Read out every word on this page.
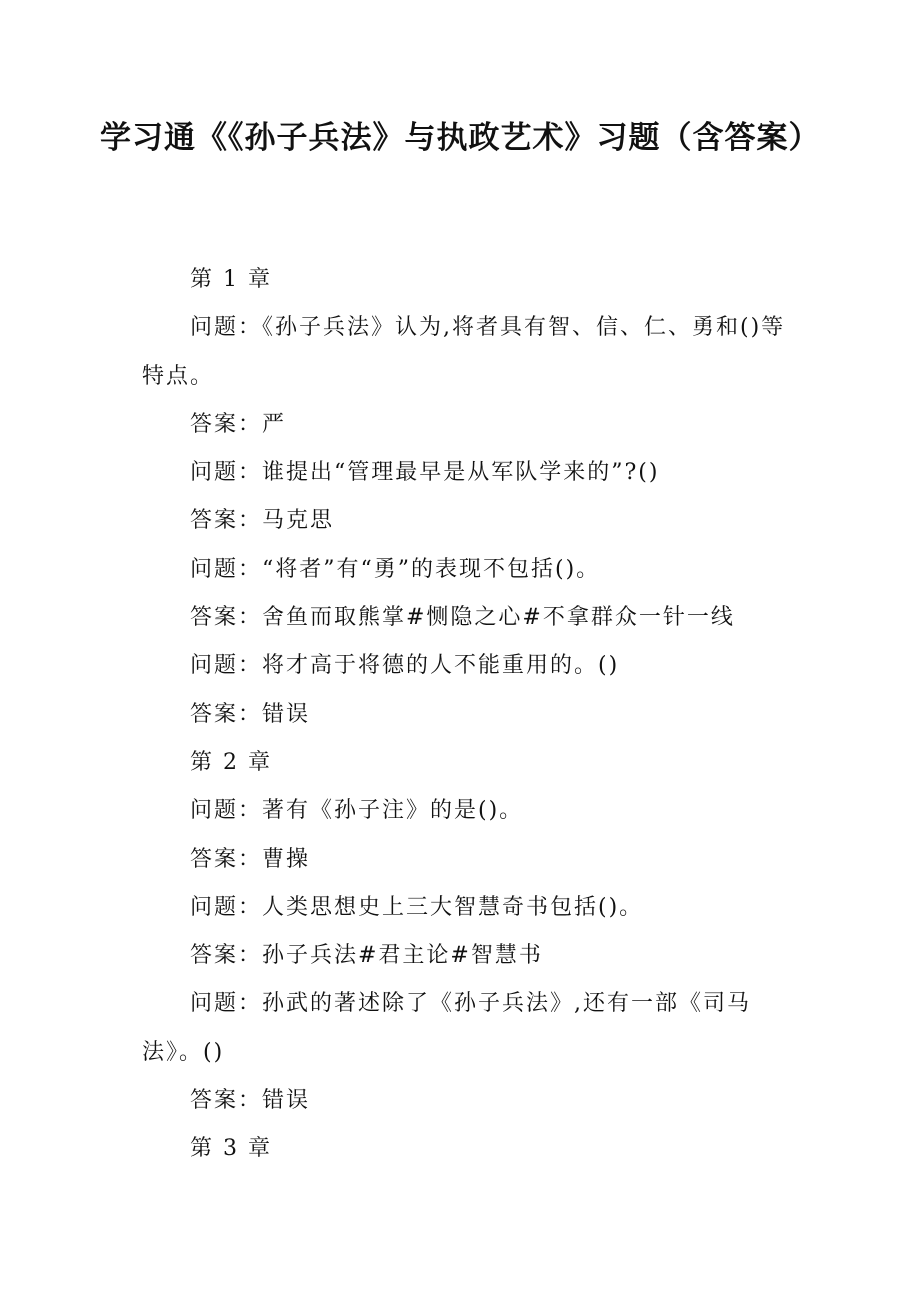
学习通《《孙子兵法》与执政艺术》习题（含答案）

第 1 章

问题：《孙子兵法》认为,将者具有智、信、仁、勇和()等特点。

答案：严

问题：谁提出“管理最早是从军队学来的”?()

答案：马克思

问题：“将者”有“勇”的表现不包括()。

答案：舍鱼而取熊掌#恻隐之心#不拿群众一针一线

问题：将才高于将德的人不能重用的。()

答案：错误

第 2 章

问题：著有《孙子注》的是()。

答案：曹操

问题：人类思想史上三大智慧奇书包括()。

答案：孙子兵法#君主论#智慧书

问题：孙武的著述除了《孙子兵法》,还有一部《司马法》。()

答案：错误

第 3 章
